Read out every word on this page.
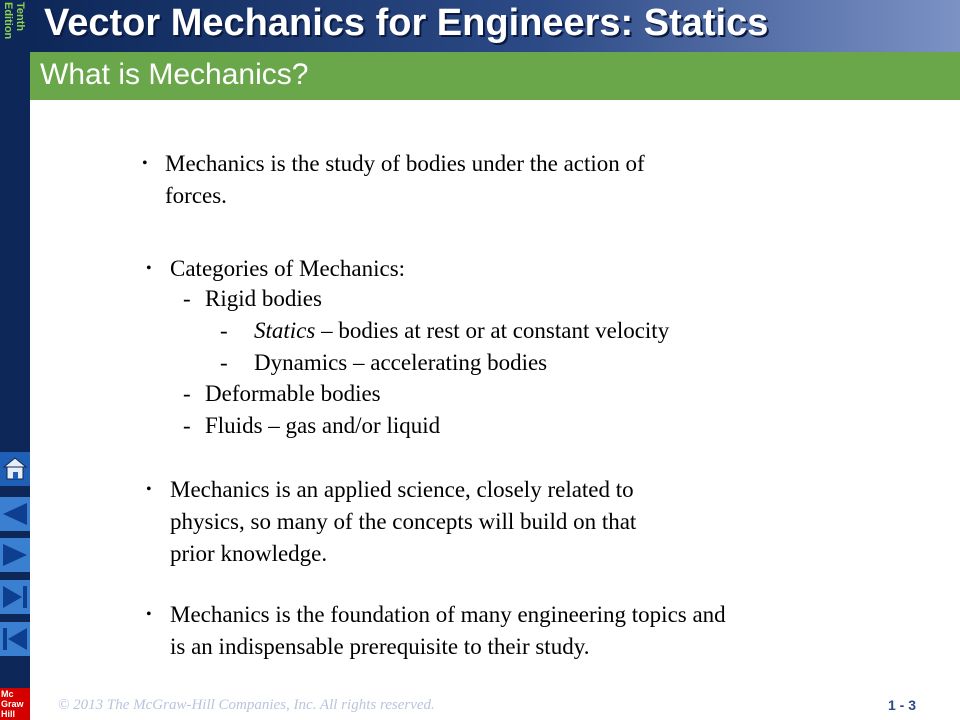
Tenth Edition
Mc
Graw
Hill
Vector Mechanics for Engineers: Statics
What is Mechanics?
• Mechanics is the study of bodies under the action of
forces.
• Categories of Mechanics:
- Rigid bodies
- Statics – bodies at rest or at constant velocity
- Dynamics – accelerating bodies
- Deformable bodies
- Fluids – gas and/or liquid
• Mechanics is an applied science, closely related to
physics, so many of the concepts will build on that
prior knowledge.
• Mechanics is the foundation of many engineering topics and
is an indispensable prerequisite to their study.
© 2013 The McGraw-Hill Companies, Inc. All rights reserved.	1 - 3
